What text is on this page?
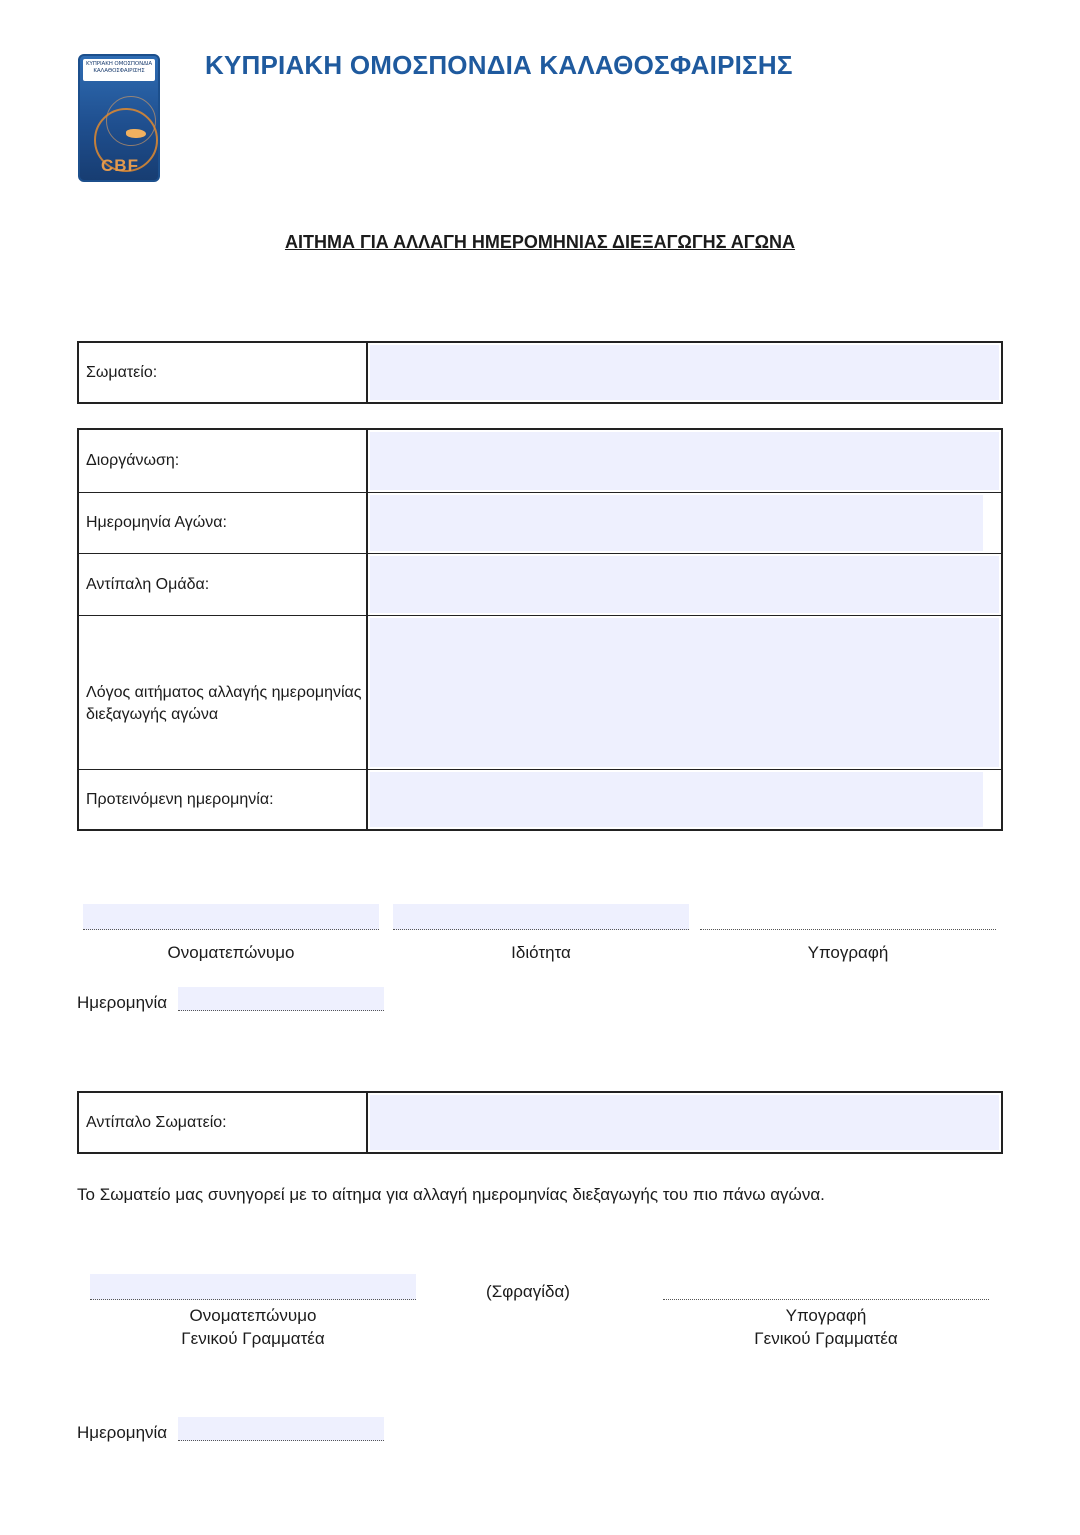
ΚΥΠΡΙΑΚΗ ΟΜΟΣΠΟΝΔΙΑ ΚΑΛΑΘΟΣΦΑΙΡΙΣΗΣ
CBF
ΚΥΠΡΙΑΚΗ ΟΜΟΣΠΟΝΔΙΑ ΚΑΛΑΘΟΣΦΑΙΡΙΣΗΣ
ΑΙΤΗΜΑ ΓΙΑ ΑΛΛΑΓΗ ΗΜΕΡΟΜΗΝΙΑΣ ΔΙΕΞΑΓΩΓΗΣ ΑΓΩΝΑ
Σωματείο:
Διοργάνωση:
Ημερομηνία Αγώνα:
Αντίπαλη Ομάδα:
Λόγος αιτήματος αλλαγής ημερομηνίας διεξαγωγής αγώνα
Προτεινόμενη ημερομηνία:
Ονοματεπώνυμο	Ιδιότητα	Υπογραφή
Ημερομηνία
Αντίπαλο Σωματείο:
Το Σωματείο μας συνηγορεί με το αίτημα για αλλαγή ημερομηνίας διεξαγωγής του πιο πάνω αγώνα.
Ονοματεπώνυμο
Γενικού Γραμματέα
(Σφραγίδα)
Υπογραφή
Γενικού Γραμματέα
Ημερομηνία
